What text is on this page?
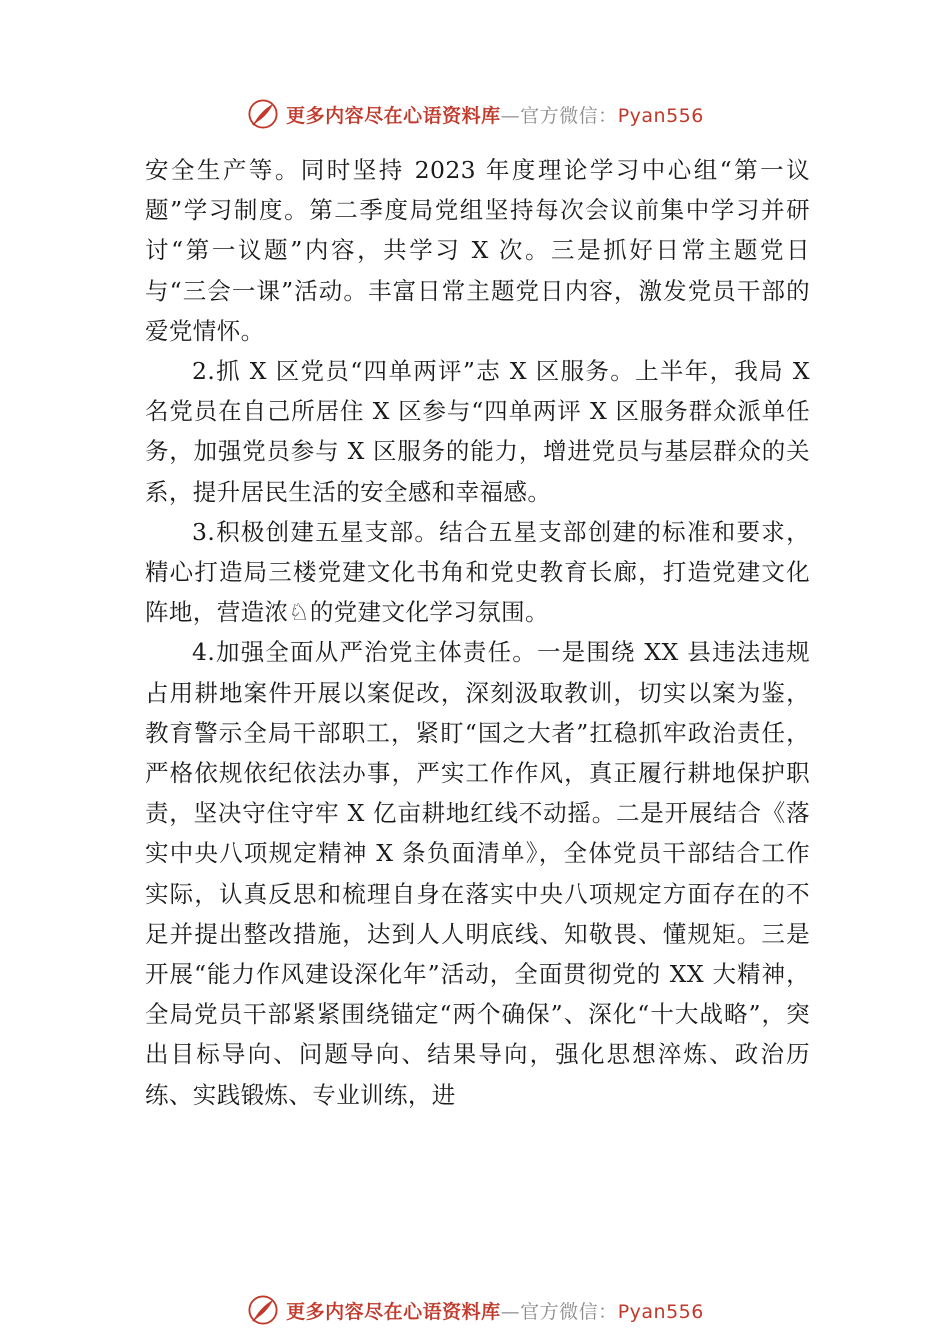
更多内容尽在心语资料库—官方微信：Pyan556

安全生产等。同时坚持 2023 年度理论学习中心组“第一议题”学习制度。第二季度局党组坚持每次会议前集中学习并研讨“第一议题”内容，共学习 X 次。三是抓好日常主题党日与“三会一课”活动。丰富日常主题党日内容，激发党员干部的爱党情怀。

2.抓 X 区党员“四单两评”志 X 区服务。上半年，我局 X 名党员在自己所居住 X 区参与“四单两评 X 区服务群众派单任务，加强党员参与 X 区服务的能力，增进党员与基层群众的关系，提升居民生活的安全感和幸福感。

3.积极创建五星支部。结合五星支部创建的标准和要求，精心打造局三楼党建文化书角和党史教育长廊，打造党建文化阵地，营造浓♘的党建文化学习氛围。

4.加强全面从严治党主体责任。一是围绕 XX 县违法违规占用耕地案件开展以案促改，深刻汲取教训，切实以案为鉴，教育警示全局干部职工，紧盯“国之大者”扛稳抓牢政治责任，严格依规依纪依法办事，严实工作作风，真正履行耕地保护职责，坚决守住守牢 X 亿亩耕地红线不动摇。二是开展结合《落实中央八项规定精神 X 条负面清单》，全体党员干部结合工作实际，认真反思和梳理自身在落实中央八项规定方面存在的不足并提出整改措施，达到人人明底线、知敬畏、懂规矩。三是开展“能力作风建设深化年”活动，全面贯彻党的 XX 大精神，全局党员干部紧紧围绕锚定“两个确保”、深化“十大战略”，突出目标导向、问题导向、结果导向，强化思想淬炼、政治历练、实践锻炼、专业训练，进

更多内容尽在心语资料库—官方微信：Pyan556
